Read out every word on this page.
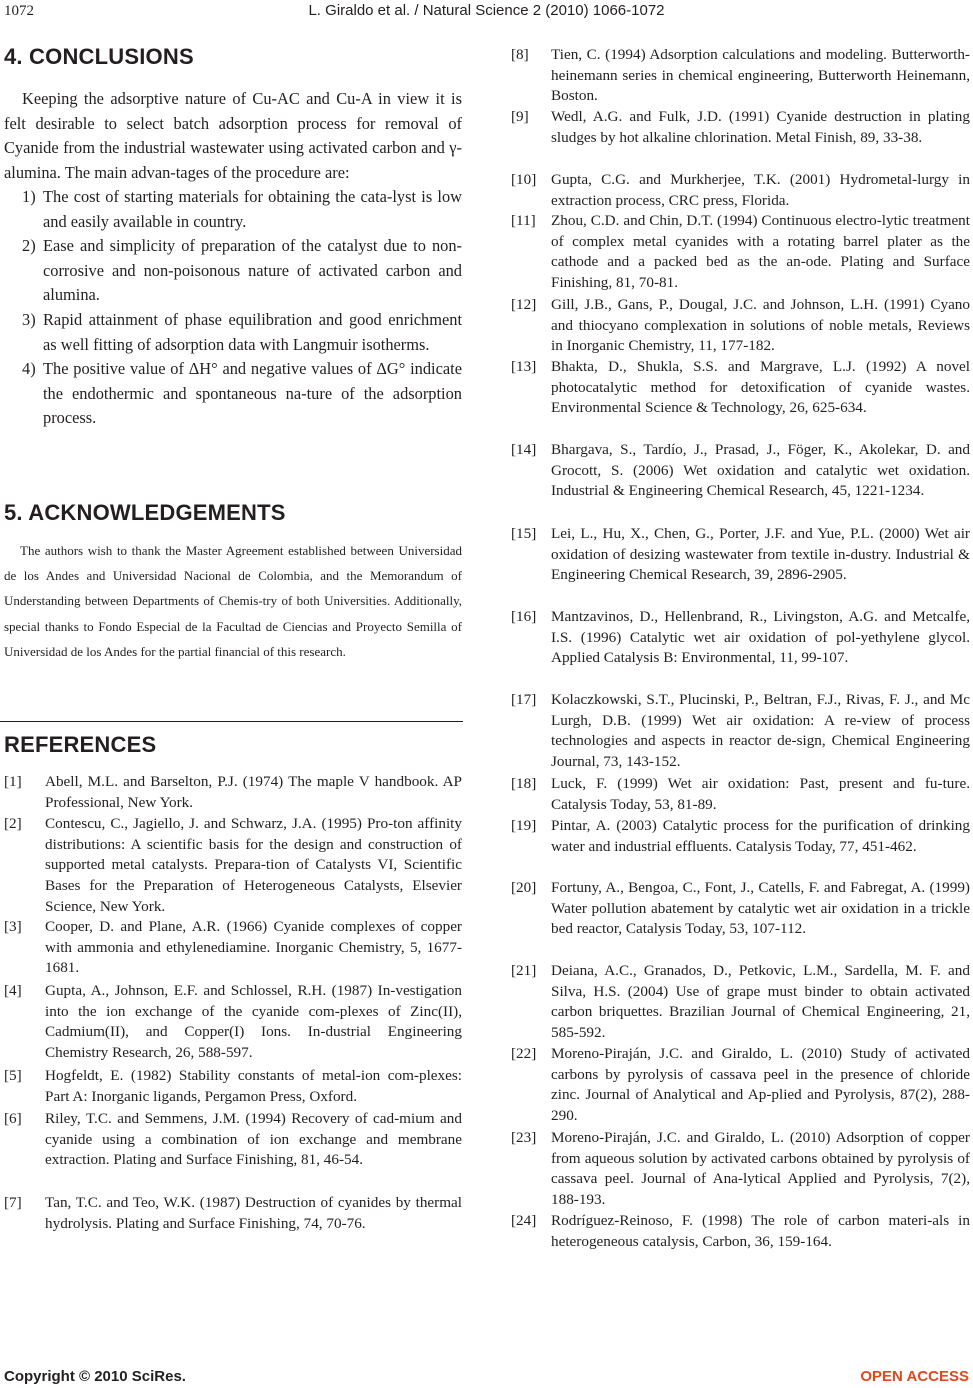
1072	L. Giraldo et al. / Natural Science 2 (2010) 1066-1072
4. CONCLUSIONS

Keeping the adsorptive nature of Cu-AC and Cu-A in view it is felt desirable to select batch adsorption process for removal of Cyanide from the industrial wastewater using activated carbon and γ-alumina. The main advan-tages of the procedure are:

1) The cost of starting materials for obtaining the cata-lyst is low and easily available in country.
2) Ease and simplicity of preparation of the catalyst due to non-corrosive and non-poisonous nature of activated carbon and alumina.
3) Rapid attainment of phase equilibration and good enrichment as well fitting of adsorption data with Langmuir isotherms.
4) The positive value of ΔH° and negative values of ΔG° indicate the endothermic and spontaneous na-ture of the adsorption process.
5. ACKNOWLEDGEMENTS

The authors wish to thank the Master Agreement established between Universidad de los Andes and Universidad Nacional de Colombia, and the Memorandum of Understanding between Departments of Chemis-try of both Universities. Additionally, special thanks to Fondo Especial de la Facultad de Ciencias and Proyecto Semilla of Universidad de los Andes for the partial financial of this research.

REFERENCES
[1] Abell, M.L. and Barselton, P.J. (1974) The maple V handbook. AP Professional, New York.
[2] Contescu, C., Jagiello, J. and Schwarz, J.A. (1995) Pro-ton affinity distributions: A scientific basis for the design and construction of supported metal catalysts. Prepara-tion of Catalysts VI, Scientific Bases for the Preparation of Heterogeneous Catalysts, Elsevier Science, New York.
[3] Cooper, D. and Plane, A.R. (1966) Cyanide complexes of copper with ammonia and ethylenediamine. Inorganic Chemistry, 5, 1677-1681.
[4] Gupta, A., Johnson, E.F. and Schlossel, R.H. (1987) In-vestigation into the ion exchange of the cyanide com-plexes of Zinc(II), Cadmium(II), and Copper(I) Ions. In-dustrial Engineering Chemistry Research, 26, 588-597.
[5] Hogfeldt, E. (1982) Stability constants of metal-ion com-plexes: Part A: Inorganic ligands, Pergamon Press, Oxford.
[6] Riley, T.C. and Semmens, J.M. (1994) Recovery of cad-mium and cyanide using a combination of ion exchange and membrane extraction. Plating and Surface Finishing, 81, 46-54.
[7] Tan, T.C. and Teo, W.K. (1987) Destruction of cyanides by thermal hydrolysis. Plating and Surface Finishing, 74, 70-76.
[8] Tien, C. (1994) Adsorption calculations and modeling. Butterworth-heinemann series in chemical engineering, Butterworth Heinemann, Boston.
[9] Wedl, A.G. and Fulk, J.D. (1991) Cyanide destruction in plating sludges by hot alkaline chlorination. Metal Finish, 89, 33-38.
[10] Gupta, C.G. and Murkherjee, T.K. (2001) Hydrometal-lurgy in extraction process, CRC press, Florida.
[11] Zhou, C.D. and Chin, D.T. (1994) Continuous electro-lytic treatment of complex metal cyanides with a rotating barrel plater as the cathode and a packed bed as the an-ode. Plating and Surface Finishing, 81, 70-81.
[12] Gill, J.B., Gans, P., Dougal, J.C. and Johnson, L.H. (1991) Cyano and thiocyano complexation in solutions of noble metals, Reviews in Inorganic Chemistry, 11, 177-182.
[13] Bhakta, D., Shukla, S.S. and Margrave, L.J. (1992) A novel photocatalytic method for detoxification of cyanide wastes. Environmental Science & Technology, 26, 625-634.
[14] Bhargava, S., Tardío, J., Prasad, J., Föger, K., Akolekar, D. and Grocott, S. (2006) Wet oxidation and catalytic wet oxidation. Industrial & Engineering Chemical Research, 45, 1221-1234.
[15] Lei, L., Hu, X., Chen, G., Porter, J.F. and Yue, P.L. (2000) Wet air oxidation of desizing wastewater from textile in-dustry. Industrial & Engineering Chemical Research, 39, 2896-2905.
[16] Mantzavinos, D., Hellenbrand, R., Livingston, A.G. and Metcalfe, I.S. (1996) Catalytic wet air oxidation of pol-yethylene glycol. Applied Catalysis B: Environmental, 11, 99-107.
[17] Kolaczkowski, S.T., Plucinski, P., Beltran, F.J., Rivas, F. J., and Mc Lurgh, D.B. (1999) Wet air oxidation: A re-view of process technologies and aspects in reactor de-sign, Chemical Engineering Journal, 73, 143-152.
[18] Luck, F. (1999) Wet air oxidation: Past, present and fu-ture. Catalysis Today, 53, 81-89.
[19] Pintar, A. (2003) Catalytic process for the purification of drinking water and industrial effluents. Catalysis Today, 77, 451-462.
[20] Fortuny, A., Bengoa, C., Font, J., Catells, F. and Fabregat, A. (1999) Water pollution abatement by catalytic wet air oxidation in a trickle bed reactor, Catalysis Today, 53, 107-112.
[21] Deiana, A.C., Granados, D., Petkovic, L.M., Sardella, M. F. and Silva, H.S. (2004) Use of grape must binder to obtain activated carbon briquettes. Brazilian Journal of Chemical Engineering, 21, 585-592.
[22] Moreno-Piraján, J.C. and Giraldo, L. (2010) Study of activated carbons by pyrolysis of cassava peel in the presence of chloride zinc. Journal of Analytical and Ap-plied and Pyrolysis, 87(2), 288-290.
[23] Moreno-Piraján, J.C. and Giraldo, L. (2010) Adsorption of copper from aqueous solution by activated carbons obtained by pyrolysis of cassava peel. Journal of Ana-lytical Applied and Pyrolysis, 7(2), 188-193.
[24] Rodríguez-Reinoso, F. (1998) The role of carbon materi-als in heterogeneous catalysis, Carbon, 36, 159-164.
Copyright © 2010 SciRes.	OPEN ACCESS
